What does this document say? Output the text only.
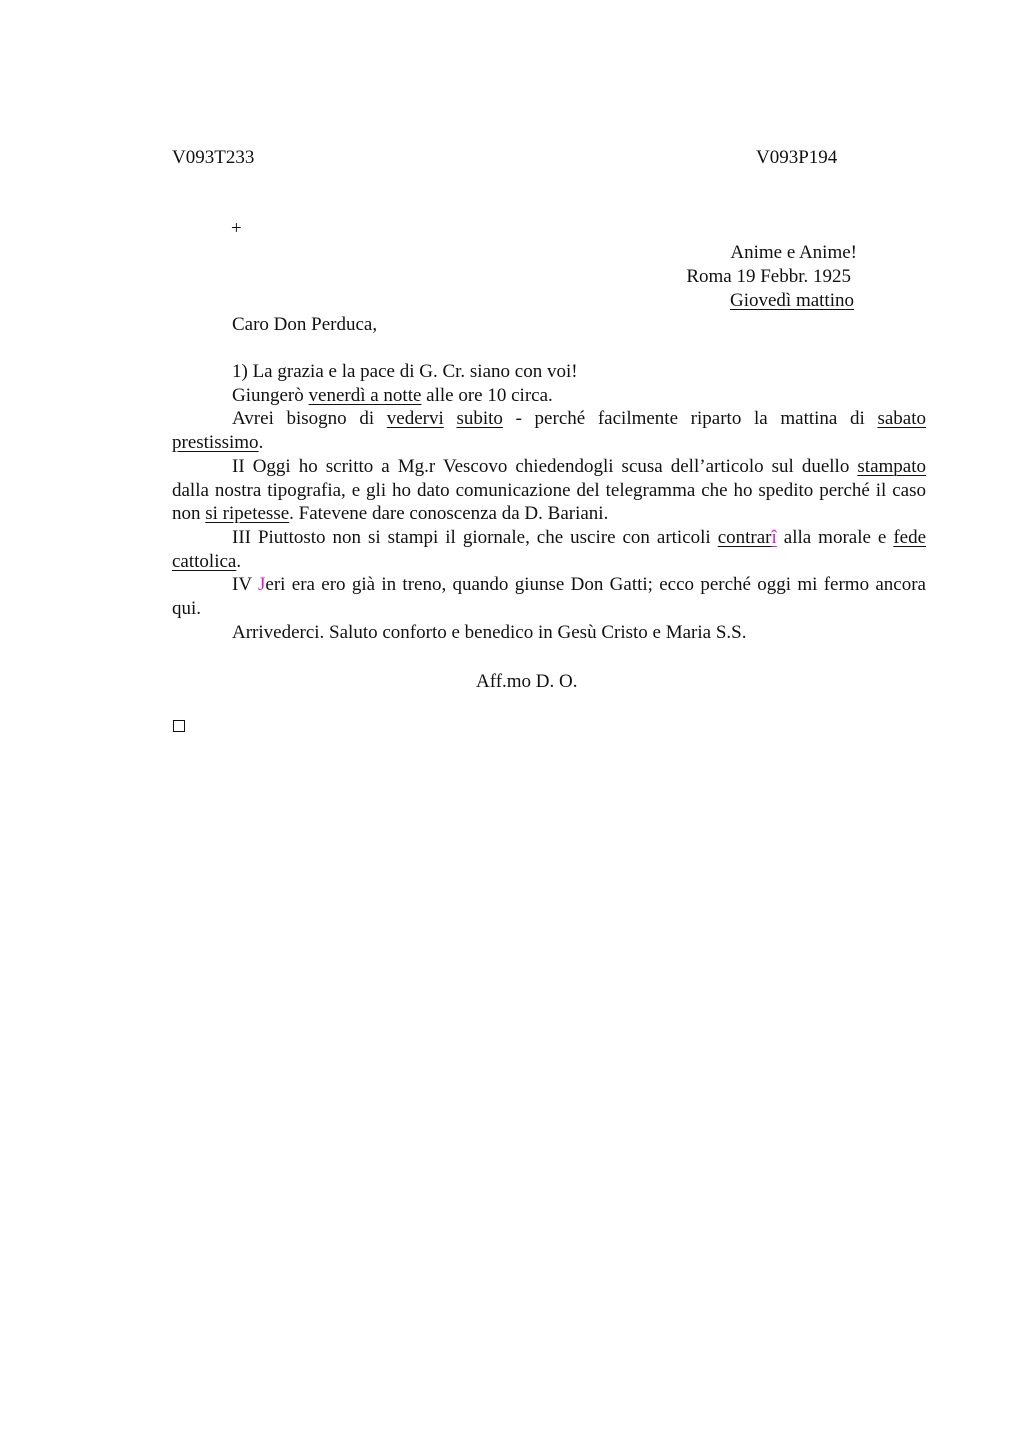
V093T233	V093P194
+
Anime e Anime!
Roma 19 Febbr. 1925
Giovedì mattino
Caro Don Perduca,

1) La grazia e la pace di G. Cr. siano con voi!

Giungerò venerdì a notte alle ore 10 circa.

Avrei bisogno di vedervi subito - perché facilmente riparto la mattina di sabato prestissimo.

II Oggi ho scritto a Mg.r Vescovo chiedendogli scusa dell’articolo sul duello stampato dalla nostra tipografia, e gli ho dato comunicazione del telegramma che ho spedito perché il caso non si ripetesse. Fatevene dare conoscenza da D. Bariani.

III Piuttosto non si stampi il giornale, che uscire con articoli contrarî alla morale e fede cattolica.

IV Jeri era ero già in treno, quando giunse Don Gatti; ecco perché oggi mi fermo ancora qui.

Arrivederci. Saluto conforto e benedico in Gesù Cristo e Maria S.S.

Aff.mo D. O.
